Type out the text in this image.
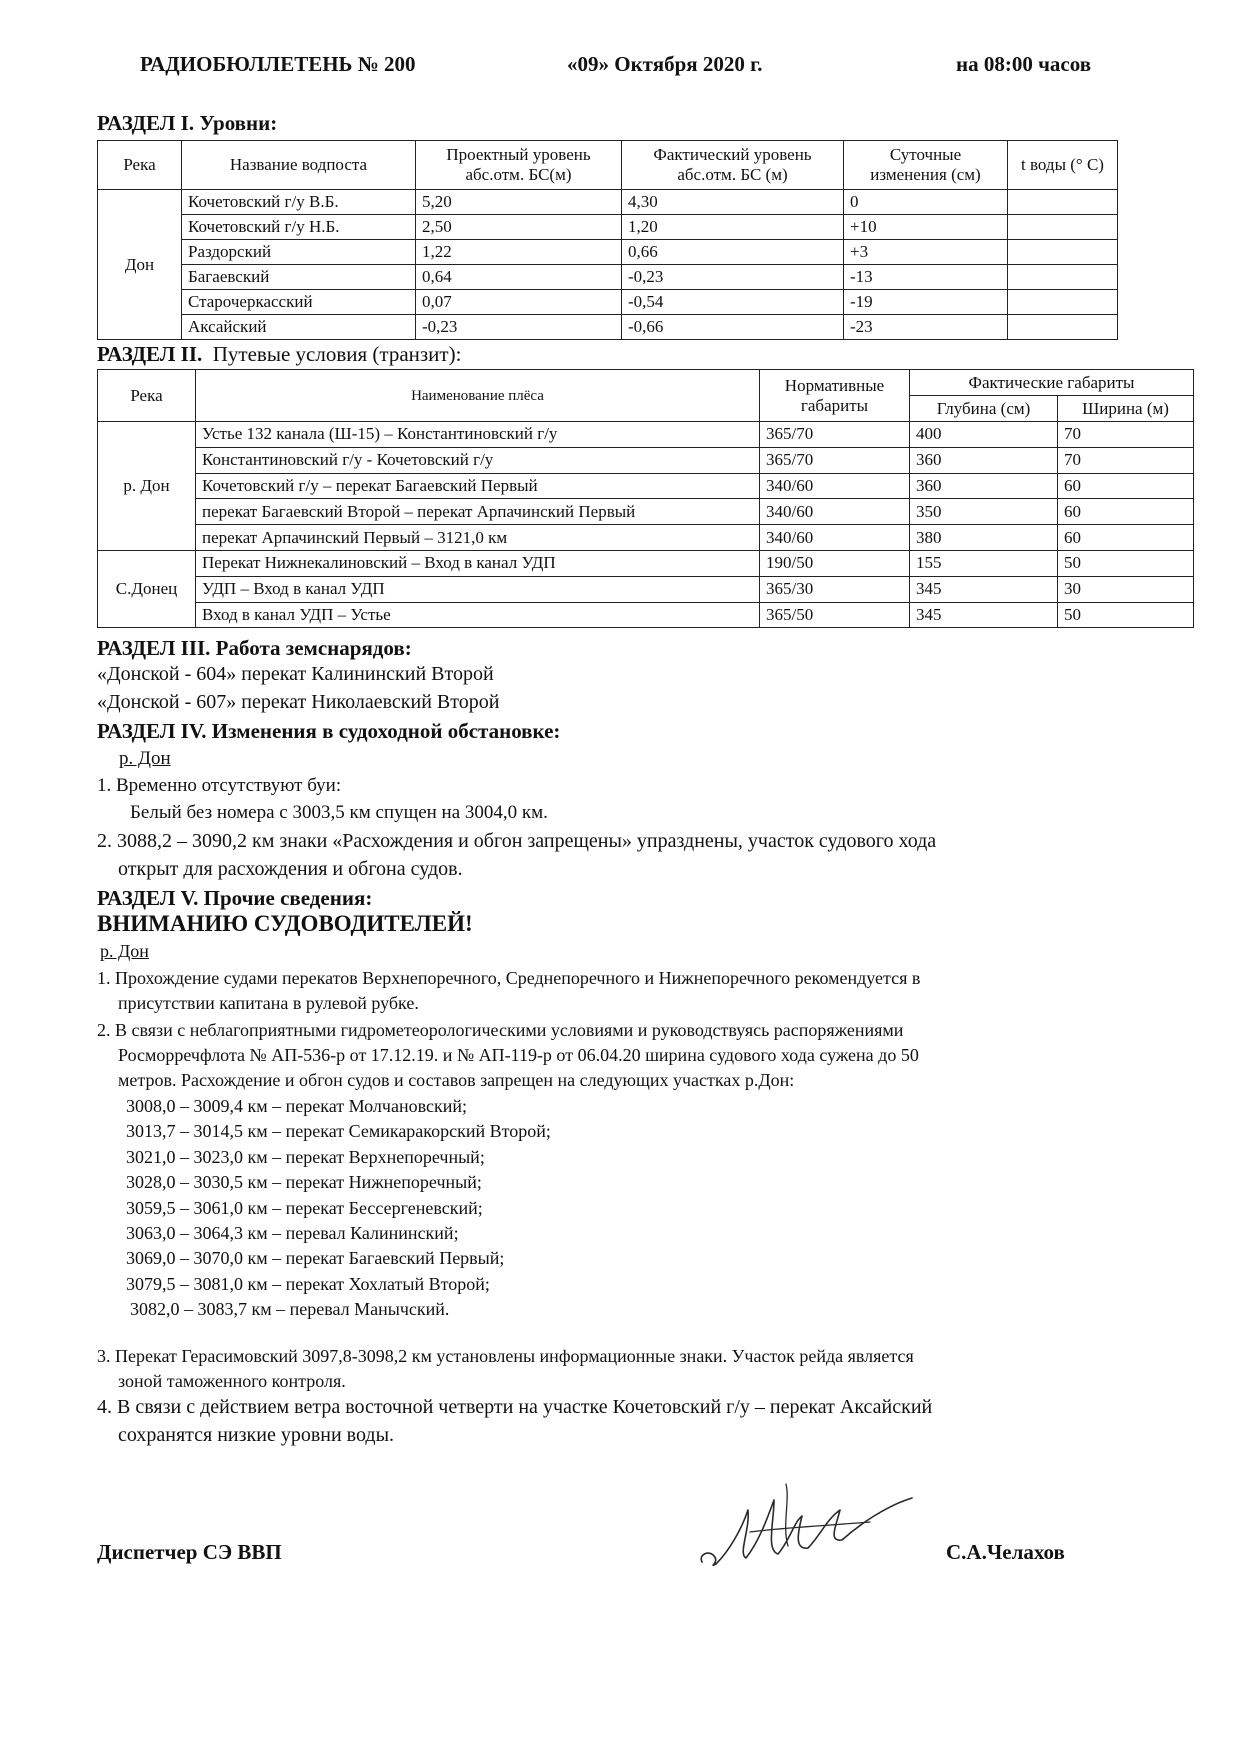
РАДИОБЮЛЛЕТЕНЬ № 200	«09» Октября 2020 г.	на 08:00 часов
РАЗДЕЛ I. Уровни:
Река	Название водпоста	Проектный уровень абс.отм. БС(м)	Фактический уровень абс.отм. БС (м)	Суточные изменения (см)	t воды (° С)
Дон	Кочетовский г/у В.Б.	5,20	4,30	0	
	Кочетовский г/у Н.Б.	2,50	1,20	+10	
	Раздорский	1,22	0,66	+3	
	Багаевский	0,64	-0,23	-13	
	Старочеркасский	0,07	-0,54	-19	
	Аксайский	-0,23	-0,66	-23	
РАЗДЕЛ II.  Путевые условия (транзит):
Река	Наименование плёса	Нормативные габариты	Фактические габариты	
			Глубина (см)	Ширина (м)
р. Дон	Устье 132 канала (Ш-15) – Константиновский г/у	365/70	400	70
	Константиновский г/у - Кочетовский г/у	365/70	360	70
	Кочетовский г/у – перекат Багаевский Первый	340/60	360	60
	перекат Багаевский Второй – перекат Арпачинский Первый	340/60	350	60
	перекат Арпачинский Первый – 3121,0 км	340/60	380	60
С.Донец	Перекат Нижнекалиновский – Вход в канал УДП	190/50	155	50
	УДП – Вход в канал УДП	365/30	345	30
	Вход в канал УДП – Устье	365/50	345	50
РАЗДЕЛ III. Работа земснарядов:
«Донской - 604» перекат Калининский Второй
«Донской - 607» перекат Николаевский Второй
РАЗДЕЛ IV. Изменения в судоходной обстановке:
р. Дон
1. Временно отсутствуют буи:
Белый без номера с 3003,5 км спущен на 3004,0 км.
2. 3088,2 – 3090,2 км знаки «Расхождения и обгон запрещены» упразднены, участок судового хода
открыт для расхождения и обгона судов.
РАЗДЕЛ V. Прочие сведения:
ВНИМАНИЮ СУДОВОДИТЕЛЕЙ!
р. Дон
1. Прохождение судами перекатов Верхнепоречного, Среднепоречного и Нижнепоречного рекомендуется в
присутствии капитана в рулевой рубке.
2. В связи с неблагоприятными гидрометеорологическими условиями и руководствуясь распоряжениями
Росморречфлота № АП-536-р от 17.12.19. и № АП-119-р от 06.04.20 ширина судового хода сужена до 50
метров. Расхождение и обгон судов и составов запрещен на следующих участках р.Дон:
3008,0 – 3009,4 км – перекат Молчановский;
3013,7 – 3014,5 км – перекат Семикаракорский Второй;
3021,0 – 3023,0 км – перекат Верхнепоречный;
3028,0 – 3030,5 км – перекат Нижнепоречный;
3059,5 – 3061,0 км – перекат Бессергеневский;
3063,0 – 3064,3 км – перевал Калининский;
3069,0 – 3070,0 км – перекат Багаевский Первый;
3079,5 – 3081,0 км – перекат Хохлатый Второй;
3082,0 – 3083,7 км – перевал Манычский.
3. Перекат Герасимовский 3097,8-3098,2 км установлены информационные знаки. Участок рейда является
зоной таможенного контроля.
4. В связи с действием ветра восточной четверти на участке Кочетовский г/у – перекат Аксайский
сохранятся низкие уровни воды.
Диспетчер СЭ ВВП	С.А.Челахов
